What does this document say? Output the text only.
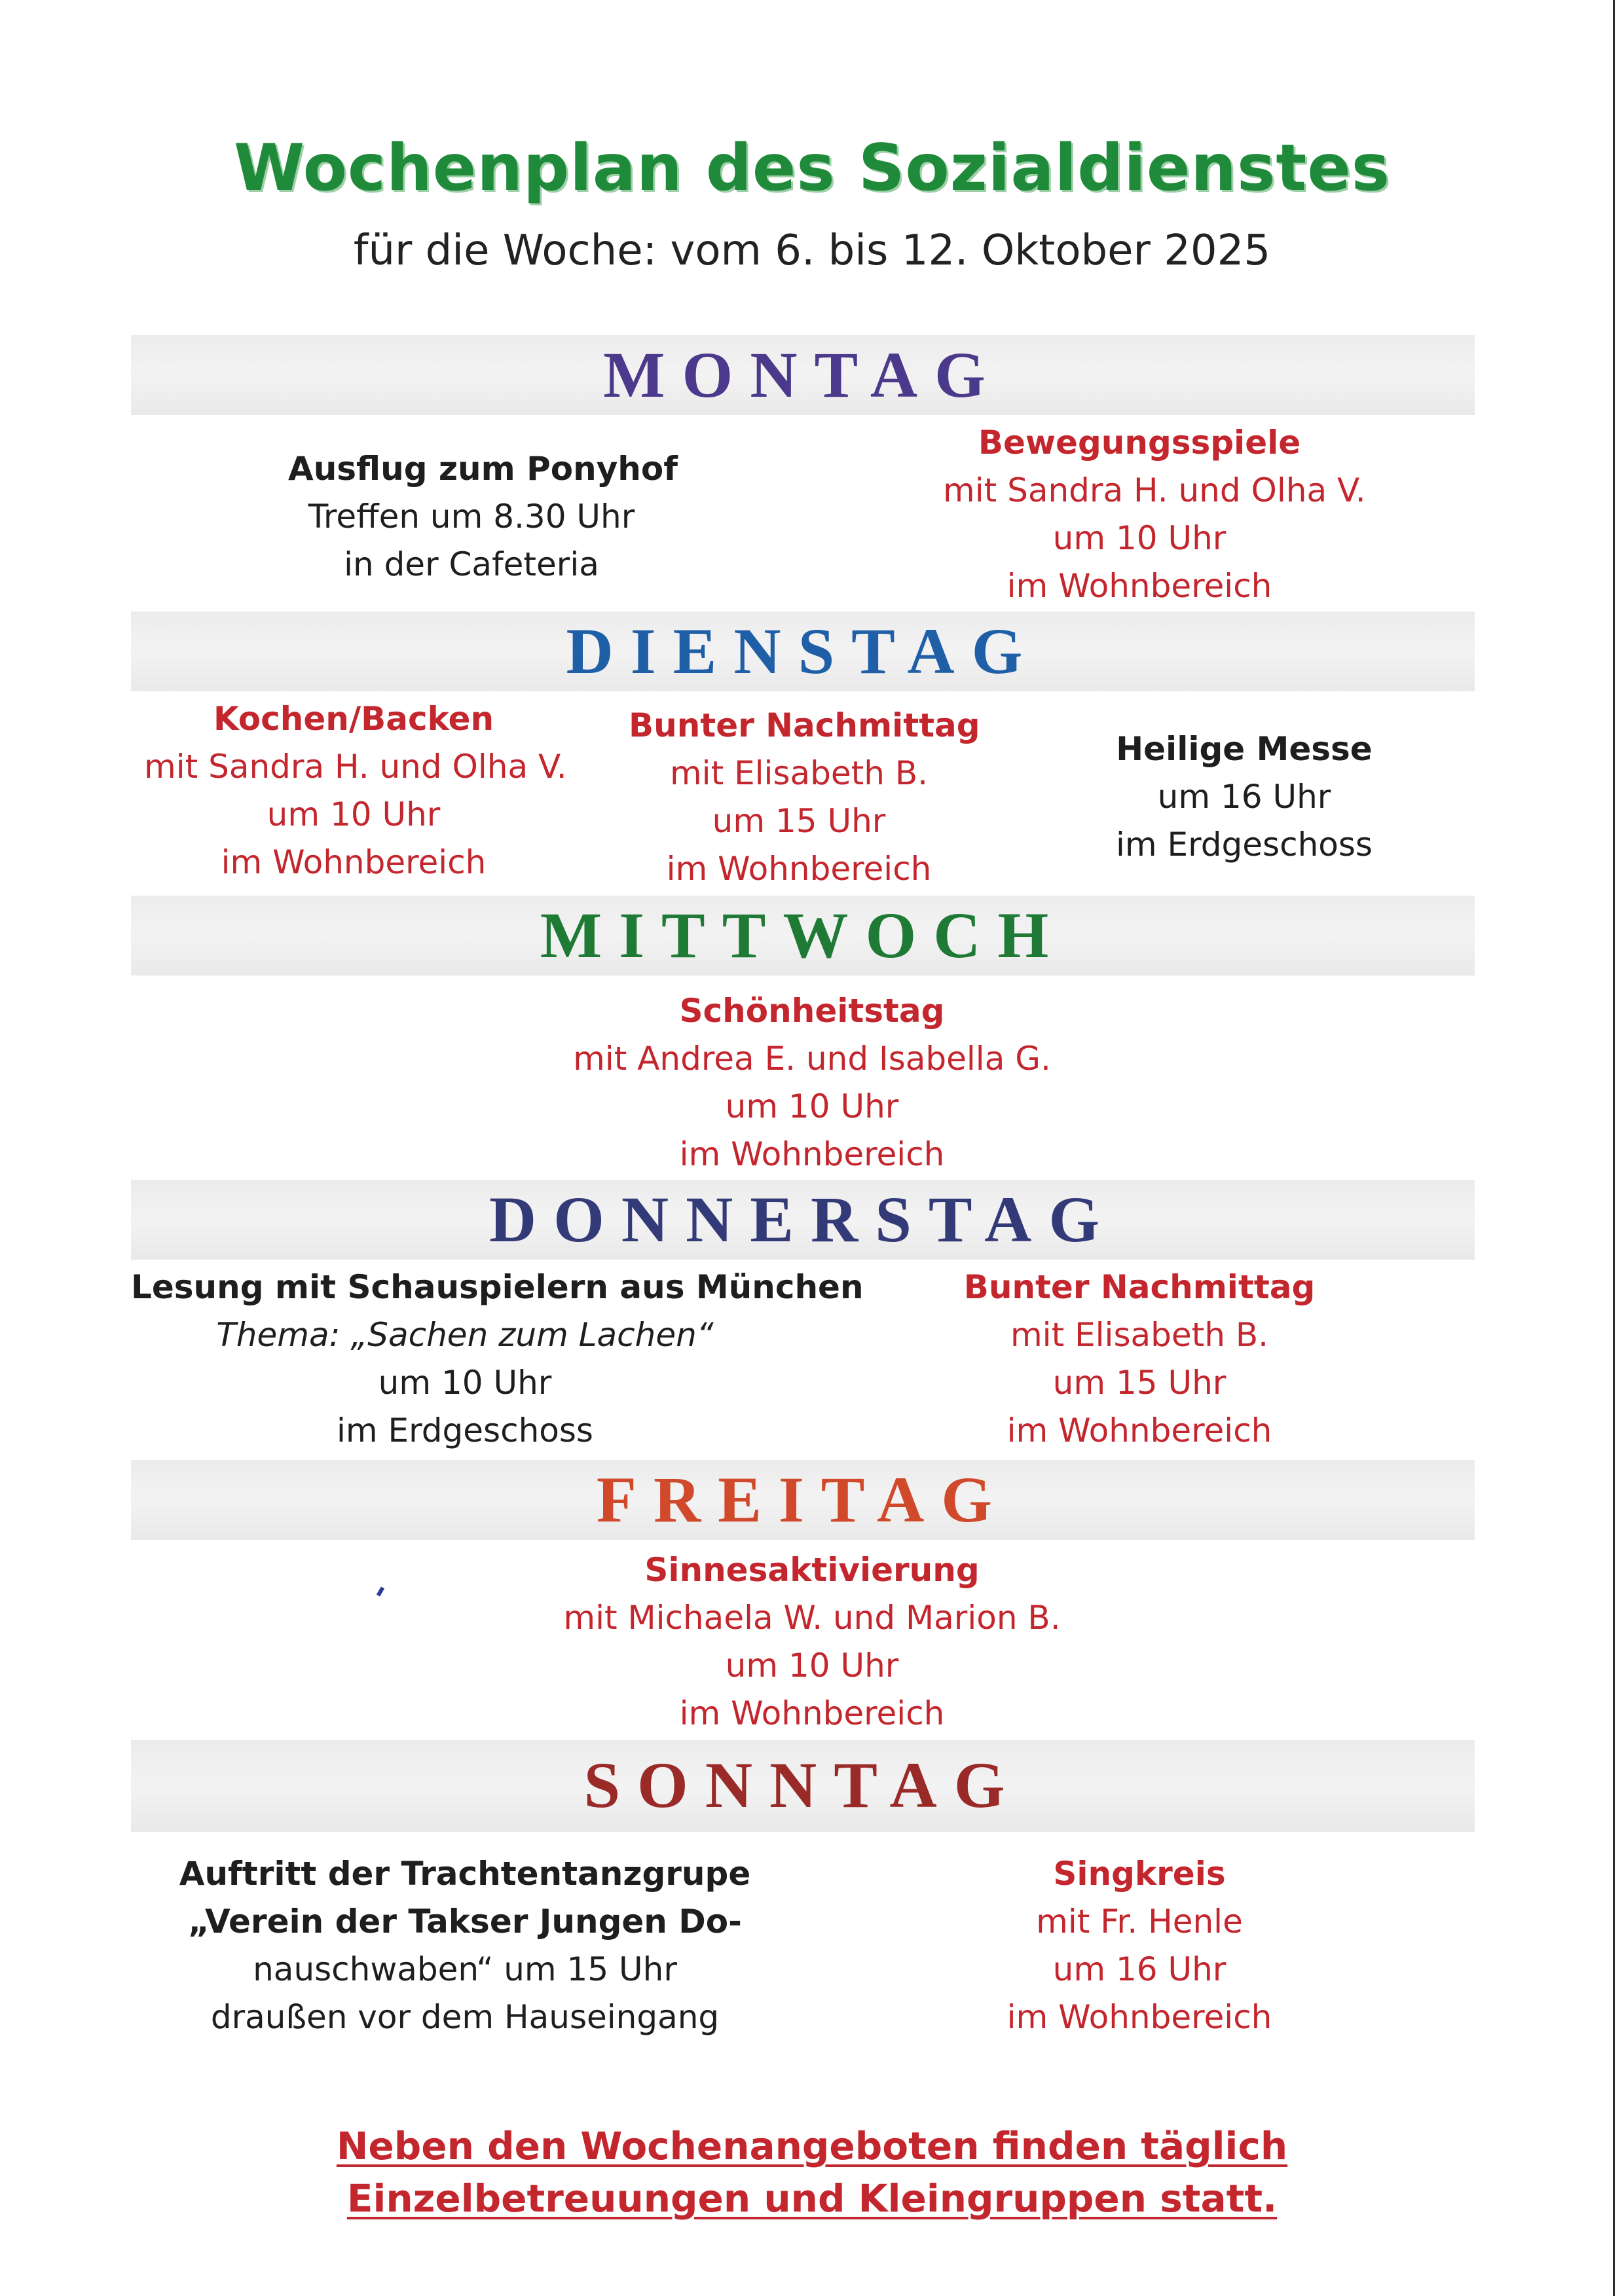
Wochenplan des Sozialdienstes
für die Woche: vom 6. bis 12. Oktober 2025
MONTAG
Ausflug zum Ponyhof
Treffen um 8.30 Uhr
in der Cafeteria
Bewegungsspiele
mit Sandra H. und Olha V.
um 10 Uhr
im Wohnbereich
DIENSTAG
Kochen/Backen
mit Sandra H. und Olha V.
um 10 Uhr
im Wohnbereich
Bunter Nachmittag
mit Elisabeth B.
um 15 Uhr
im Wohnbereich
Heilige Messe
um 16 Uhr
im Erdgeschoss
MITTWOCH
Schönheitstag
mit Andrea E. und Isabella G.
um 10 Uhr
im Wohnbereich
DONNERSTAG
Lesung mit Schauspielern aus München
Thema: „Sachen zum Lachen“
um 10 Uhr
im Erdgeschoss
Bunter Nachmittag
mit Elisabeth B.
um 15 Uhr
im Wohnbereich
FREITAG
Sinnesaktivierung
mit Michaela W. und Marion B.
um 10 Uhr
im Wohnbereich
SONNTAG
Auftritt der Trachtentanzgrupe
„Verein der Takser Jungen Do-
nauschwaben“ um 15 Uhr
draußen vor dem Hauseingang
Singkreis
mit Fr. Henle
um 16 Uhr
im Wohnbereich
Neben den Wochenangeboten finden täglich
Einzelbetreuungen und Kleingruppen statt.
